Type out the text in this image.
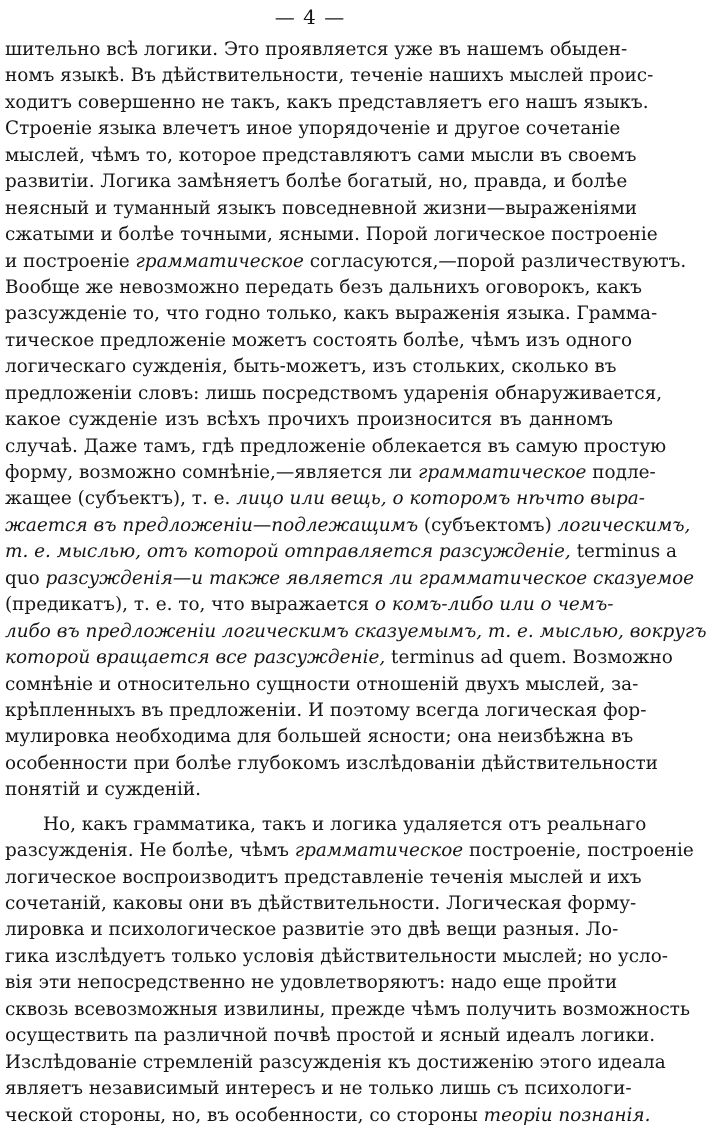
— 4 —
шительно всѣ логики. Это проявляется уже въ нашемъ обыден-
номъ языкѣ. Въ дѣйствительности, теченіе нашихъ мыслей проис-
ходитъ совершенно не такъ, какъ представляетъ его нашъ языкъ.
Строеніе языка влечетъ иное упорядоченіе и другое сочетаніе
мыслей, чѣмъ то, которое представляютъ сами мысли въ своемъ
развитіи. Логика замѣняетъ болѣе богатый, но, правда, и болѣе
неясный и туманный языкъ повседневной жизни—выраженіями
сжатыми и болѣе точными, ясными. Порой логическое построеніе
и построеніе грамматическое согласуются,—порой различествуютъ.
Вообще же невозможно передать безъ дальнихъ оговорокъ, какъ
разсужденіе то, что годно только, какъ выраженія языка. Грамма-
тическое предложеніе можетъ состоять болѣе, чѣмъ изъ одного
логическаго сужденія, быть-можетъ, изъ стольких, сколько въ
предложеніи словъ: лишь посредствомъ ударенія обнаруживается,
какое сужденіе изъ всѣхъ прочихъ произносится въ данномъ
случаѣ. Даже тамъ, гдѣ предложеніе облекается въ самую простую
форму, возможно сомнѣніе,—является ли грамматическое подле-
жащее (субъектъ), т. е. лицо или вещь, о которомъ нѣчто выра-
жается въ предложеніи—подлежащимъ (субъектомъ) логическимъ,
т. е. мыслью, отъ которой отправляется разсужденіе, terminus a
quo разсужденія—и также является ли грамматическое сказуемое
(предикатъ), т. е. то, что выражается о комъ-либо или о чемъ-
либо въ предложеніи логическимъ сказуемымъ, т. е. мыслью, вокругъ
которой вращается все разсужденіе, terminus ad quem. Возможно
сомнѣніе и относительно сущности отношеній двухъ мыслей, за-
крѣпленныхъ въ предложеніи. И поэтому всегда логическая фор-
мулировка необходима для большей ясности; она неизбѣжна въ
особенности при болѣе глубокомъ изслѣдованіи дѣйствительности
понятій и сужденій.
Но, какъ грамматика, такъ и логика удаляется отъ реальнаго
разсужденія. Не болѣе, чѣмъ грамматическое построеніе, построеніе
логическое воспроизводитъ представленіе теченія мыслей и ихъ
сочетаній, каковы они въ дѣйствительности. Логическая форму-
лировка и психологическое развитіе это двѣ вещи разныя. Ло-
гика изслѣдуетъ только условія дѣйствительности мыслей; но усло-
вія эти непосредственно не удовлетворяютъ: надо еще пройти
сквозь всевозможныя извилины, прежде чѣмъ получить возможность
осуществить па различной почвѣ простой и ясный идеалъ логики.
Изслѣдованіе стремленій разсужденія къ достиженію этого идеала
являетъ независимый интересъ и не только лишь съ психологи-
ческой стороны, но, въ особенности, со стороны теоріи познанія.
